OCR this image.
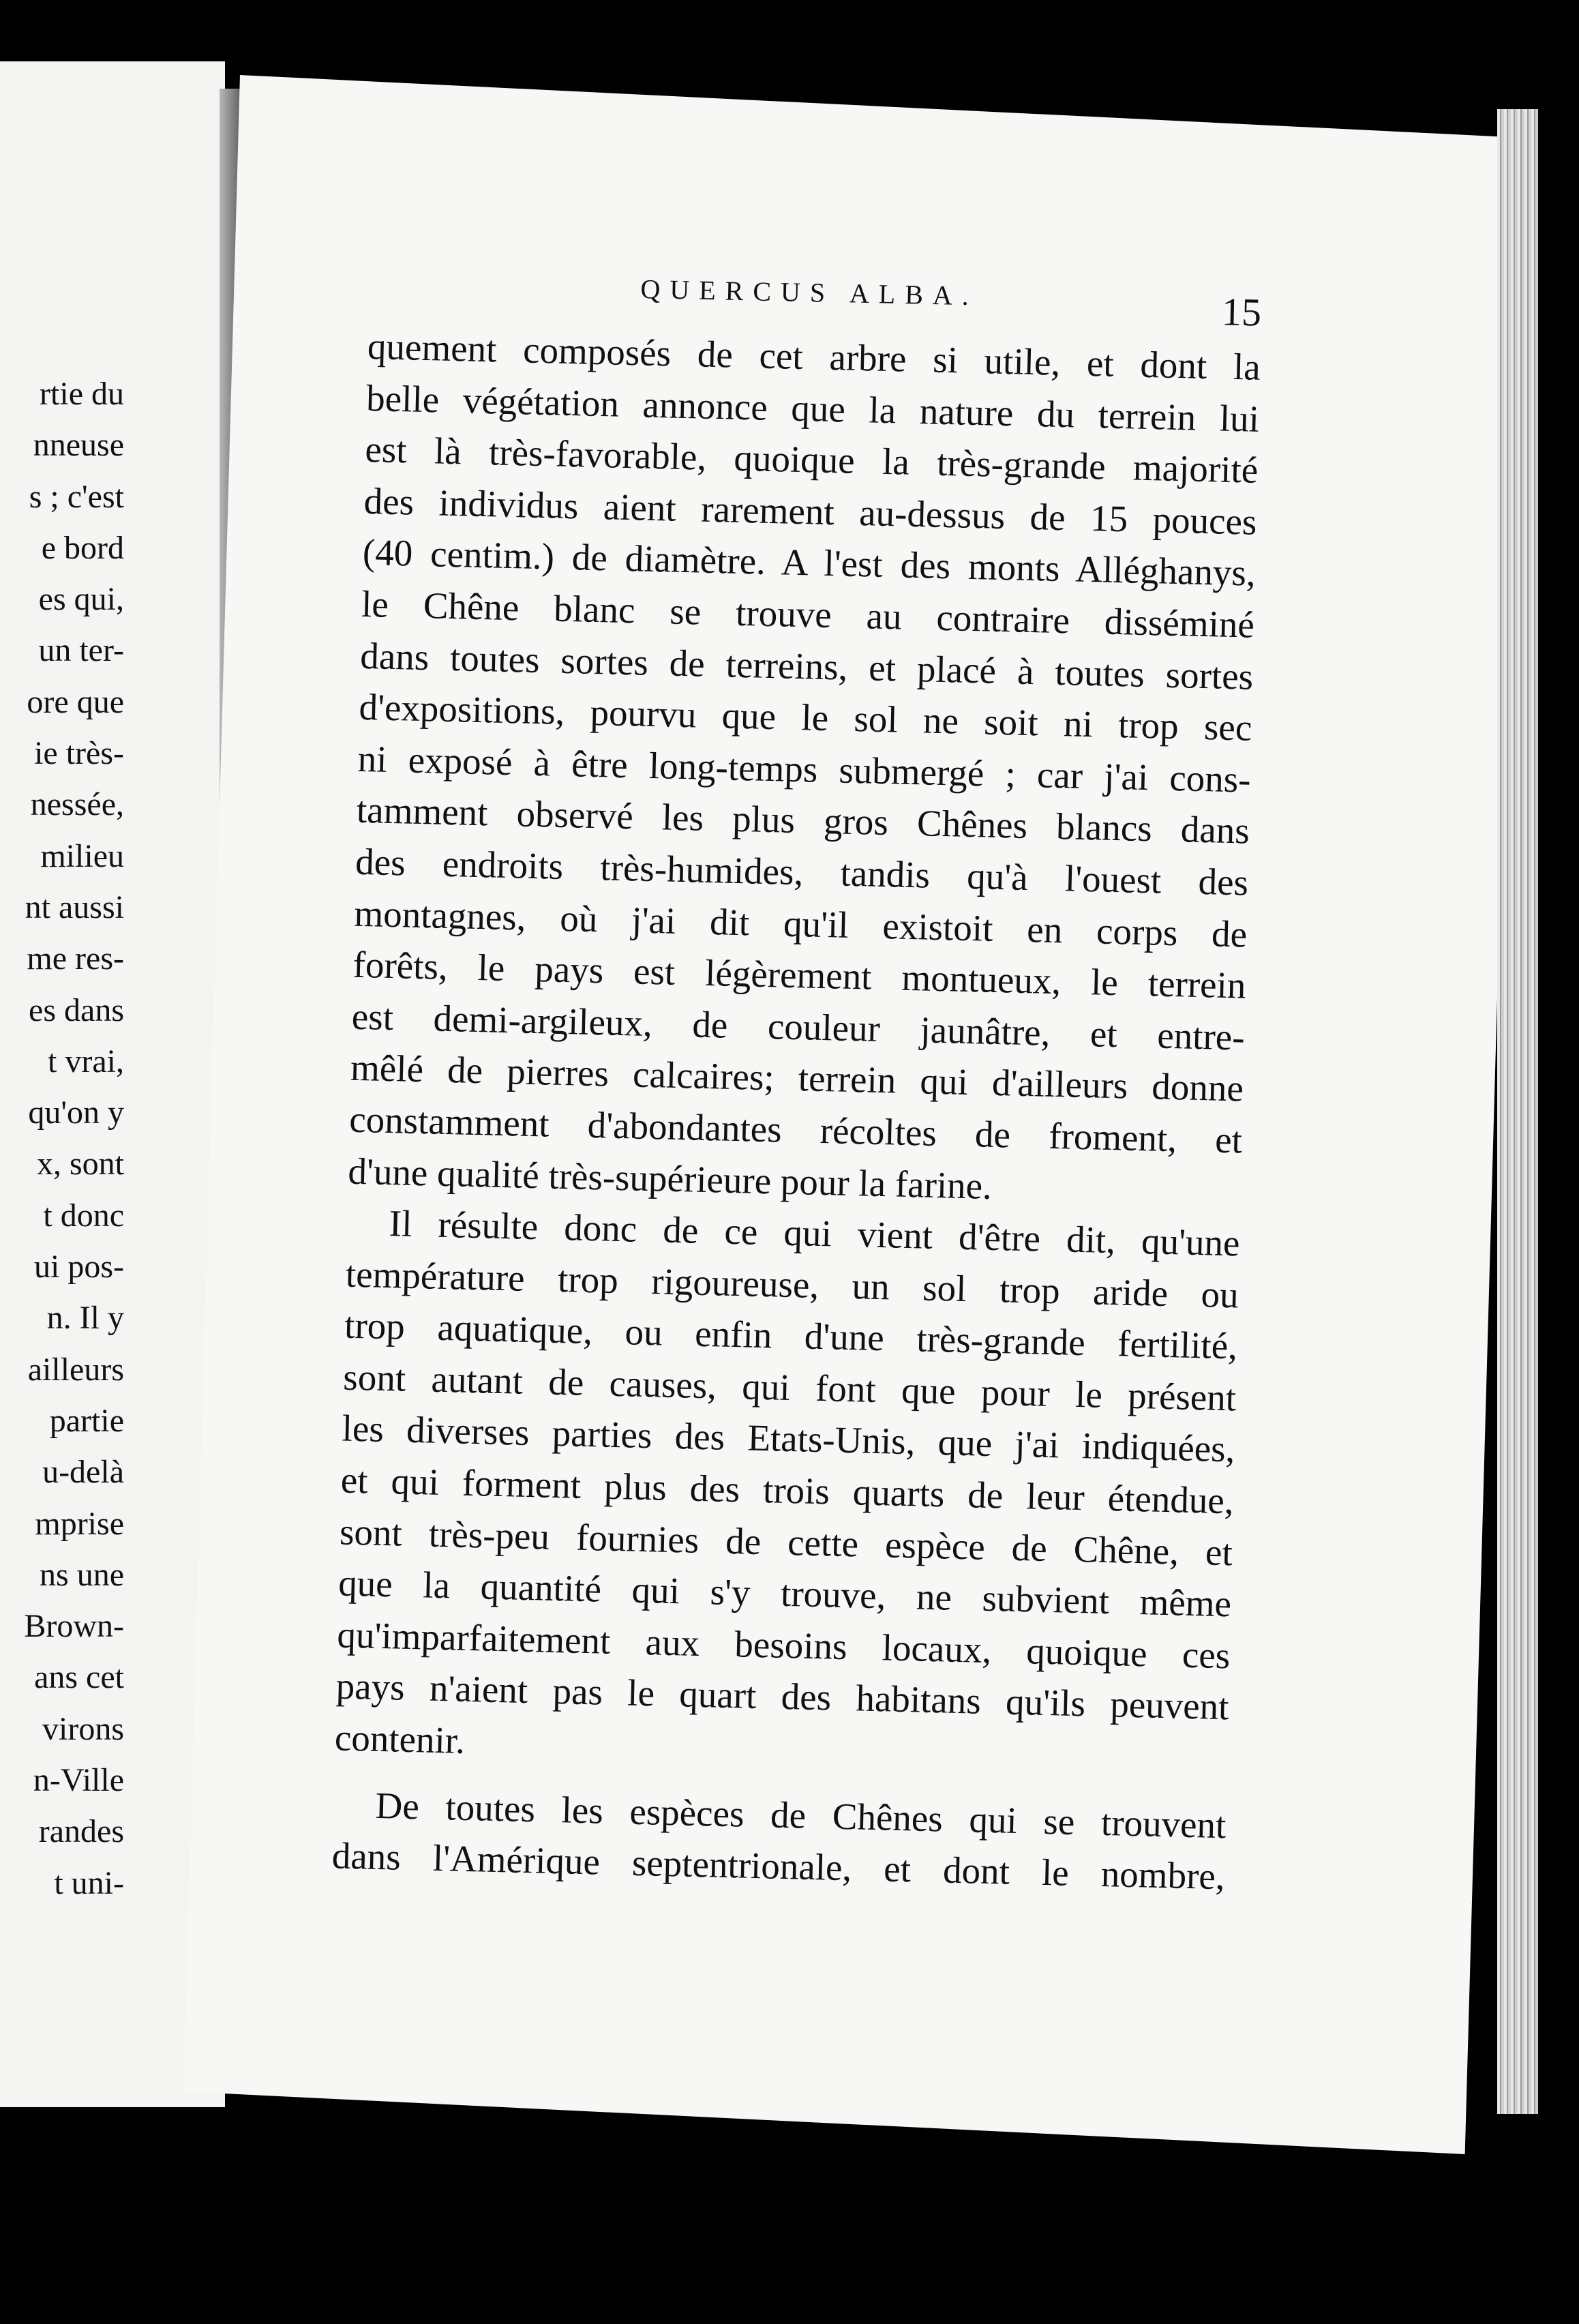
rtie du
nneuse
s ; c'est
e bord
es qui,
un ter-
ore que
ie très-
nessée,
milieu
nt aussi
me res-
es dans
t vrai,
qu'on y
x, sont
t donc
ui pos-
n. Il y
ailleurs
partie
u-delà
mprise
ns une
Brown-
ans cet
virons
n-Ville
randes
t uni-
QUERCUS ALBA.	15
quement composés de cet arbre si utile, et dont la
belle végétation annonce que la nature du terrein lui
est là très-favorable, quoique la très-grande majorité
des individus aient rarement au-dessus de 15 pouces
(40 centim.) de diamètre. A l'est des monts Alléghanys,
le Chêne blanc se trouve au contraire disséminé
dans toutes sortes de terreins, et placé à toutes sortes
d'expositions, pourvu que le sol ne soit ni trop sec
ni exposé à être long-temps submergé ; car j'ai cons-
tamment observé les plus gros Chênes blancs dans
des endroits très-humides, tandis qu'à l'ouest des
montagnes, où j'ai dit qu'il existoit en corps de
forêts, le pays est légèrement montueux, le terrein
est demi-argileux, de couleur jaunâtre, et entre-
mêlé de pierres calcaires; terrein qui d'ailleurs donne
constamment d'abondantes récoltes de froment, et
d'une qualité très-supérieure pour la farine.
Il résulte donc de ce qui vient d'être dit, qu'une
température trop rigoureuse, un sol trop aride ou
trop aquatique, ou enfin d'une très-grande fertilité,
sont autant de causes, qui font que pour le présent
les diverses parties des Etats-Unis, que j'ai indiquées,
et qui forment plus des trois quarts de leur étendue,
sont très-peu fournies de cette espèce de Chêne, et
que la quantité qui s'y trouve, ne subvient même
qu'imparfaitement aux besoins locaux, quoique ces
pays n'aient pas le quart des habitans qu'ils peuvent
contenir.
De toutes les espèces de Chênes qui se trouvent
dans l'Amérique septentrionale, et dont le nombre,
